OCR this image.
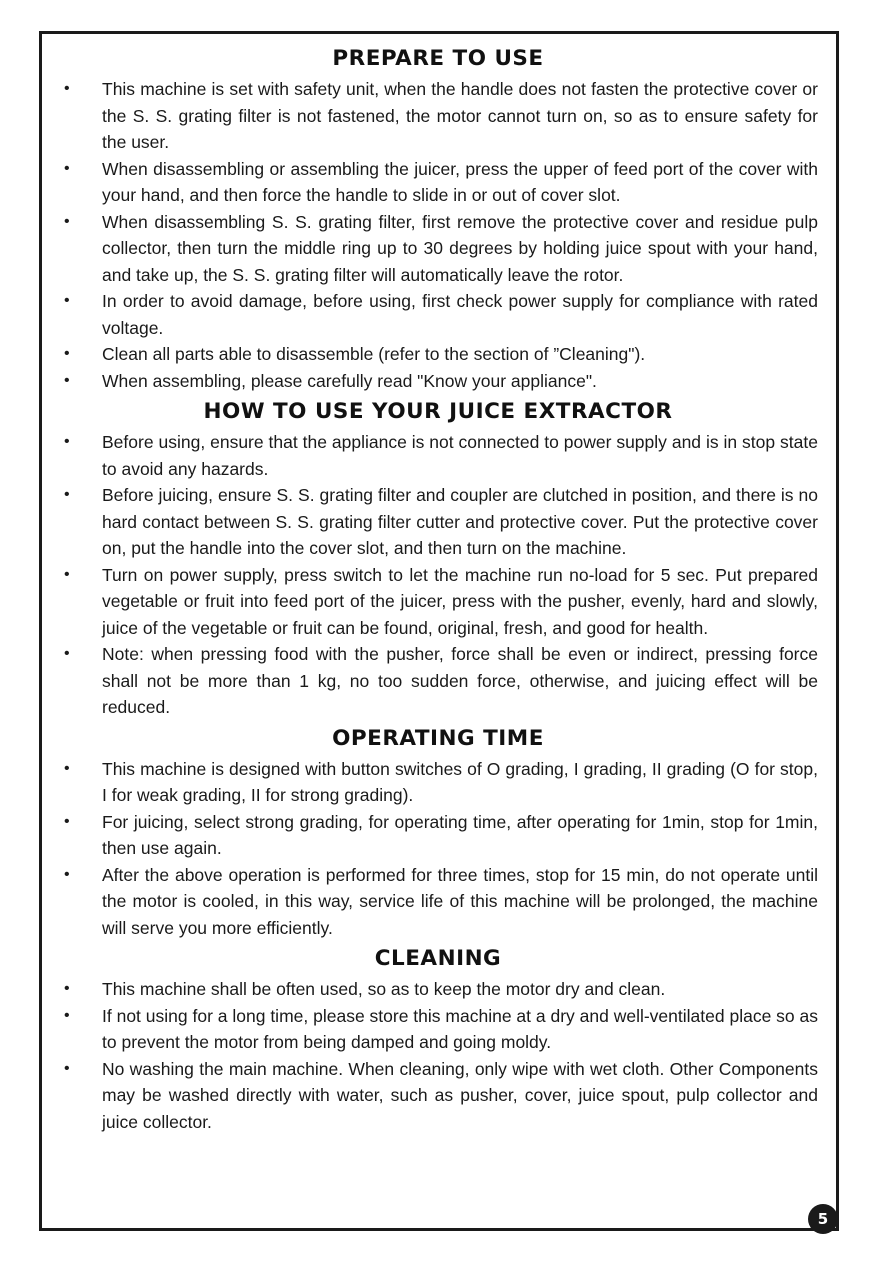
PREPARE TO USE
• This machine is set with safety unit, when the handle does not fasten the protective cover or the S. S. grating filter is not fastened, the motor cannot turn on, so as to ensure safety for the user.
• When disassembling or assembling the juicer, press the upper of feed port of the cover with your hand, and then force the handle to slide in or out of cover slot.
• When disassembling S. S. grating filter, first remove the protective cover and residue pulp collector, then turn the middle ring up to 30 degrees by holding juice spout with your hand, and take up, the S. S. grating filter will automatically leave the rotor.
• In order to avoid damage, before using, first check power supply for compliance with rated voltage.
• Clean all parts able to disassemble (refer to the section of ”Cleaning").
• When assembling, please carefully read "Know your appliance".
HOW TO USE YOUR JUICE EXTRACTOR
• Before using, ensure that the appliance is not connected to power supply and is in stop state to avoid any hazards.
• Before juicing, ensure S. S. grating filter and coupler are clutched in position, and there is no hard contact between S. S. grating filter cutter and protective cover. Put the protective cover on, put the handle into the cover slot, and then turn on the machine.
• Turn on power supply, press switch to let the machine run no-load for 5 sec. Put prepared vegetable or fruit into feed port of the juicer, press with the pusher, evenly, hard and slowly, juice of the vegetable or fruit can be found, original, fresh, and good for health.
• Note: when pressing food with the pusher, force shall be even or indirect, pressing force shall not be more than 1 kg, no too sudden force, otherwise, and juicing effect will be reduced.
OPERATING TIME
• This machine is designed with button switches of O grading, I grading, II grading (O for stop, I for weak grading, II for strong grading).
• For juicing, select strong grading, for operating time, after operating for 1min, stop for 1min, then use again.
• After the above operation is performed for three times, stop for 15 min, do not operate until the motor is cooled, in this way, service life of this machine will be prolonged, the machine will serve you more efficiently.
CLEANING
• This machine shall be often used, so as to keep the motor dry and clean.
• If not using for a long time, please store this machine at a dry and well-ventilated place so as to prevent the motor from being damped and going moldy.
• No washing the main machine. When cleaning, only wipe with wet cloth. Other Components may be washed directly with water, such as pusher, cover, juice spout, pulp collector and juice collector.
5
